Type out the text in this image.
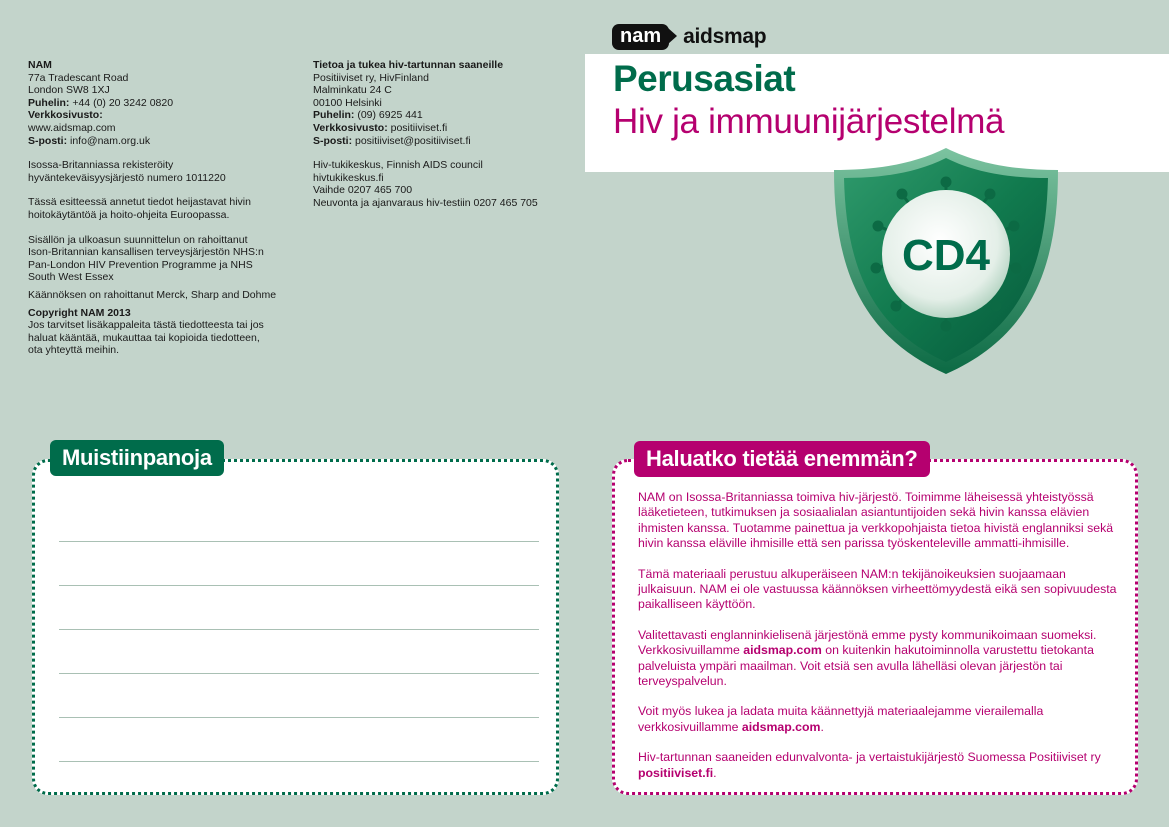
NAM

77a Tradescant Road

London SW8 1XJ

Puhelin: +44 (0) 20 3242 0820

Verkkosivusto:

www.aidsmap.com

S-posti: info@nam.org.uk

Isossa-Britanniassa rekisteröity

hyväntekeväisyysjärjestö numero 1011220

Tässä esitteessä annetut tiedot heijastavat hivin

hoitokäytäntöä ja hoito-ohjeita Euroopassa.

Sisällön ja ulkoasun suunnittelun on rahoittanut

Ison-Britannian kansallisen terveysjärjestön NHS:n

Pan-London HIV Prevention Programme ja NHS

South West Essex

Käännöksen on rahoittanut Merck, Sharp and Dohme

Copyright NAM 2013

Jos tarvitset lisäkappaleita tästä tiedotteesta tai jos

haluat kääntää, mukauttaa tai kopioida tiedotteen,

ota yhteyttä meihin.

Tietoa ja tukea hiv-tartunnan saaneille

Positiiviset ry, HivFinland

Malminkatu 24 C

00100 Helsinki

Puhelin: (09) 6925 441

Verkkosivusto: positiiviset.fi

S-posti: positiiviset@positiiviset.fi

Hiv-tukikeskus, Finnish AIDS council

hivtukikeskus.fi

Vaihde 0207 465 700

Neuvonta ja ajanvaraus hiv-testiin 0207 465 705

nam	aidsmap
Perusasiat
Hiv ja immuunijärjestelmä
CD4
Muistiinpanoja	Haluatko tietää enemmän?

NAM on Isossa-Britanniassa toimiva hiv-järjestö. Toimimme läheisessä yhteistyössä lääketieteen, tutkimuksen ja sosiaalialan asiantuntijoiden sekä hivin kanssa elävien ihmisten kanssa. Tuotamme painettua ja verkkopohjaista tietoa hivistä englanniksi sekä hivin kanssa eläville ihmisille että sen parissa työskenteleville ammatti-ihmisille.

Tämä materiaali perustuu alkuperäiseen NAM:n tekijänoikeuksien suojaamaan julkaisuun. NAM ei ole vastuussa käännöksen virheettömyydestä eikä sen sopivuudesta paikalliseen käyttöön.

Valitettavasti englanninkielisenä järjestönä emme pysty kommunikoimaan suomeksi. Verkkosivuillamme aidsmap.com on kuitenkin hakutoiminnolla varustettu tietokanta palveluista ympäri maailman. Voit etsiä sen avulla lähelläsi olevan järjestön tai terveyspalvelun.

Voit myös lukea ja ladata muita käännettyjä materiaalejamme vierailemalla verkkosivuillamme aidsmap.com.

Hiv-tartunnan saaneiden edunvalvonta- ja vertaistukijärjestö Suomessa Positiiviset ry positiiviset.fi.
